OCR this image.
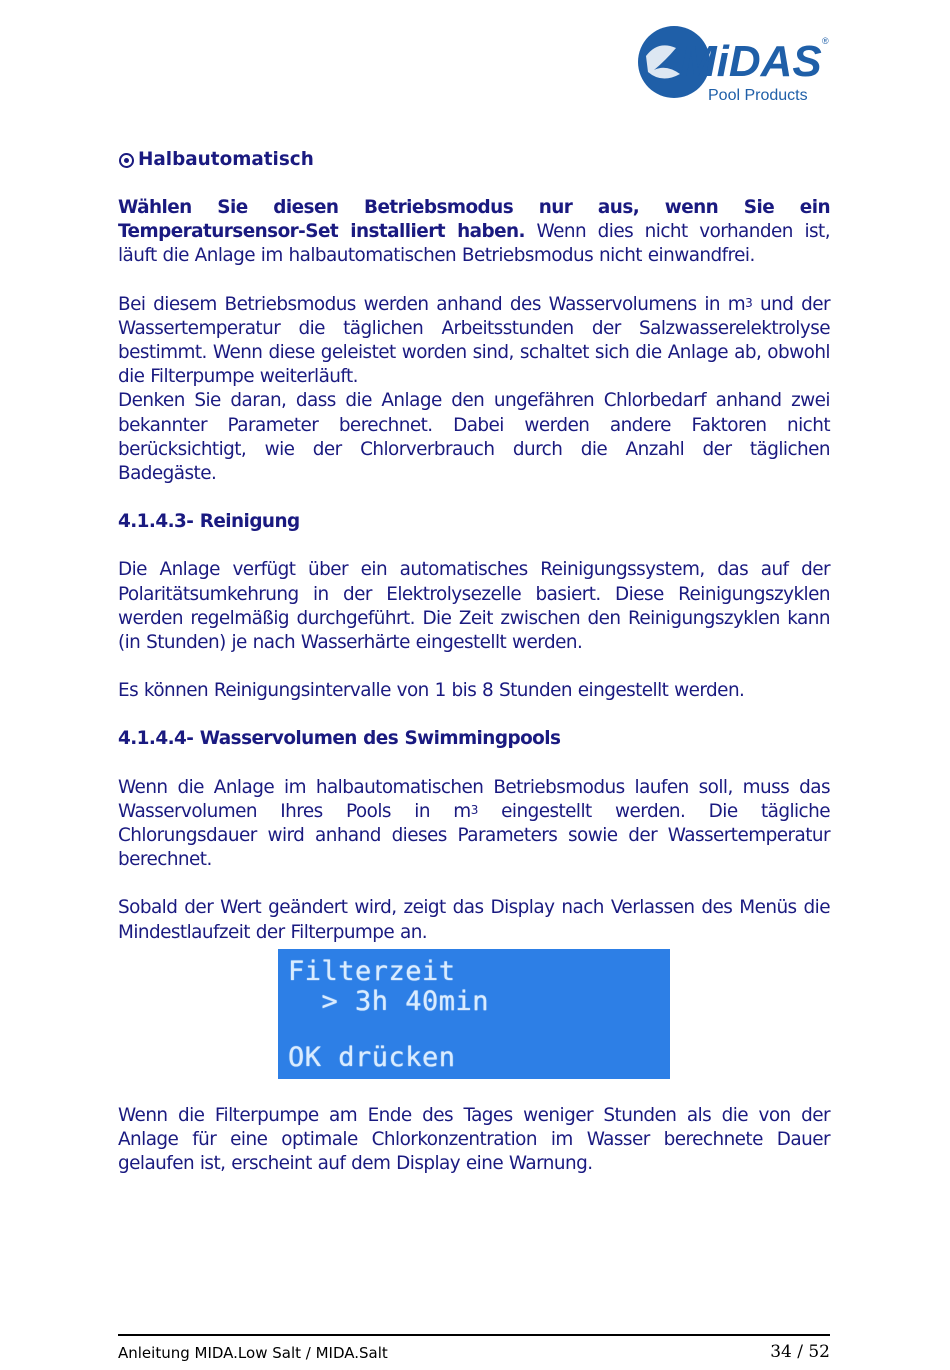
MiDAS ®
Pool Products
Halbautomatisch

Wählen Sie diesen Betriebsmodus nur aus, wenn Sie ein Temperatursensor-Set installiert haben. Wenn dies nicht vorhanden ist, läuft die Anlage im halbautomatischen Betriebsmodus nicht einwandfrei.

Bei diesem Betriebsmodus werden anhand des Wasservolumens in $m^3$ und der Wassertemperatur die täglichen Arbeitsstunden der Salzwasserelektrolyse bestimmt. Wenn diese geleistet worden sind, schaltet sich die Anlage ab, obwohl die Filterpumpe weiterläuft.

Denken Sie daran, dass die Anlage den ungefähren Chlorbedarf anhand zwei bekannter Parameter berechnet. Dabei werden andere Faktoren nicht berücksichtigt, wie der Chlorverbrauch durch die Anzahl der täglichen Badegäste.

4.1.4.3- Reinigung

Die Anlage verfügt über ein automatisches Reinigungssystem, das auf der Polaritätsumkehrung in der Elektrolysezelle basiert. Diese Reinigungszyklen werden regelmäßig durchgeführt. Die Zeit zwischen den Reinigungszyklen kann (in Stunden) je nach Wasserhärte eingestellt werden.

Es können Reinigungsintervalle von 1 bis 8 Stunden eingestellt werden.

4.1.4.4- Wasservolumen des Swimmingpools

Wenn die Anlage im halbautomatischen Betriebsmodus laufen soll, muss das Wasservolumen Ihres Pools in $m^3$ eingestellt werden. Die tägliche Chlorungsdauer wird anhand dieses Parameters sowie der Wassertemperatur berechnet.

Sobald der Wert geändert wird, zeigt das Display nach Verlassen des Menüs die Mindestlaufzeit der Filterpumpe an.

Wenn die Filterpumpe am Ende des Tages weniger Stunden als die von der Anlage für eine optimale Chlorkonzentration im Wasser berechnete Dauer gelaufen ist, erscheint auf dem Display eine Warnung.

Filterzeit
> 3h 40min
OK drücken
Anleitung MIDA.Low Salt / MIDA.Salt	34 / 52
